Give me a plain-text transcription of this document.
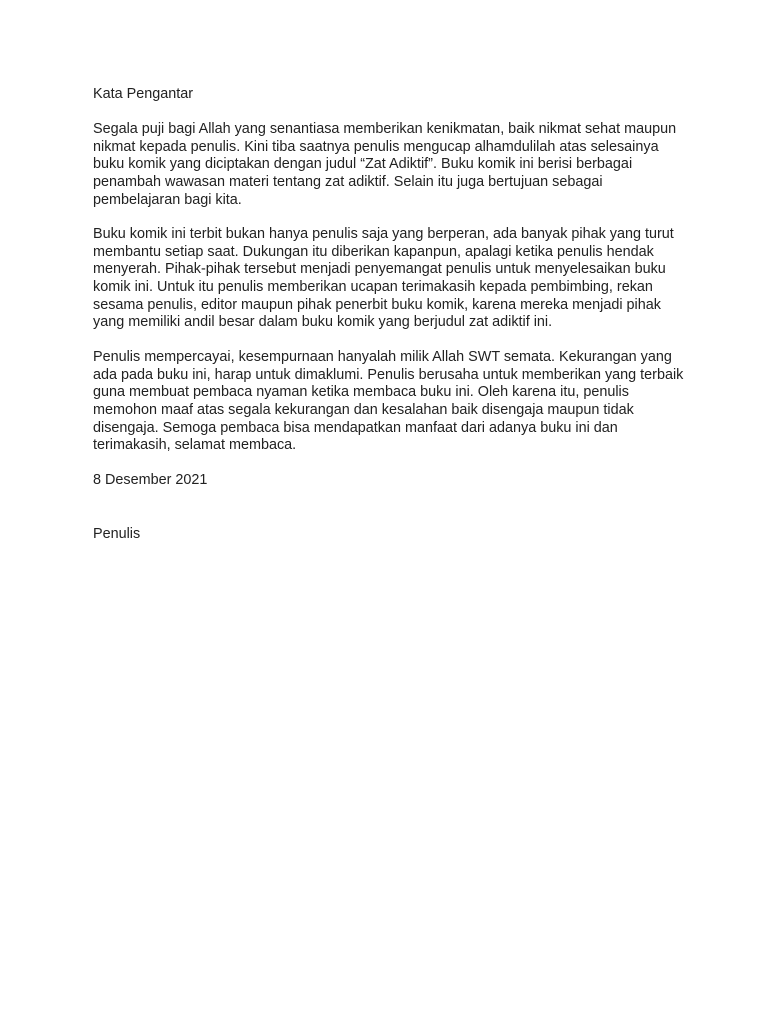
Kata Pengantar

Segala puji bagi Allah yang senantiasa memberikan kenikmatan, baik nikmat sehat maupun
nikmat kepada penulis. Kini tiba saatnya penulis mengucap alhamdulilah atas selesainya
buku komik yang diciptakan dengan judul “Zat Adiktif”. Buku komik ini berisi berbagai
penambah wawasan materi tentang zat adiktif. Selain itu juga bertujuan sebagai
pembelajaran bagi kita.

Buku komik ini terbit bukan hanya penulis saja yang berperan, ada banyak pihak yang turut
membantu setiap saat. Dukungan itu diberikan kapanpun, apalagi ketika penulis hendak
menyerah. Pihak-pihak tersebut menjadi penyemangat penulis untuk menyelesaikan buku
komik ini. Untuk itu penulis memberikan ucapan terimakasih kepada pembimbing, rekan
sesama penulis, editor maupun pihak penerbit buku komik, karena mereka menjadi pihak
yang memiliki andil besar dalam buku komik yang berjudul zat adiktif ini.

Penulis mempercayai, kesempurnaan hanyalah milik Allah SWT semata. Kekurangan yang
ada pada buku ini, harap untuk dimaklumi. Penulis berusaha untuk memberikan yang terbaik
guna membuat pembaca nyaman ketika membaca buku ini. Oleh karena itu, penulis
memohon maaf atas segala kekurangan dan kesalahan baik disengaja maupun tidak
disengaja. Semoga pembaca bisa mendapatkan manfaat dari adanya buku ini dan
terimakasih, selamat membaca.

8 Desember 2021

Penulis
